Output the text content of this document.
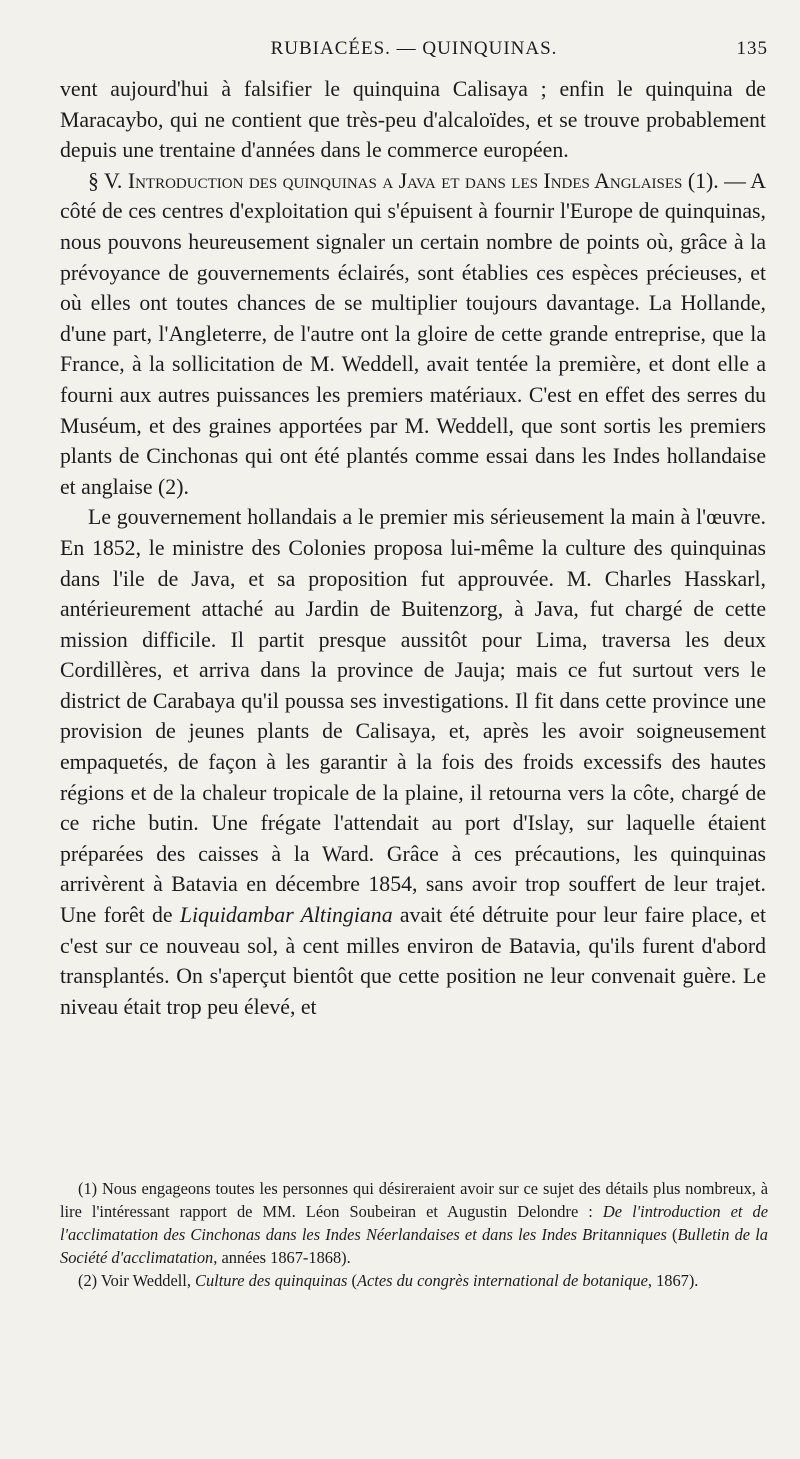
RUBIACÉES. — QUINQUINAS.	135

vent aujourd'hui à falsifier le quinquina Calisaya ; enfin le quinquina de Maracaybo, qui ne contient que très-peu d'alcaloïdes, et se trouve probablement depuis une trentaine d'années dans le commerce européen.

§ V. Introduction des quinquinas a Java et dans les Indes Anglaises (1). — A côté de ces centres d'exploitation qui s'épuisent à fournir l'Europe de quinquinas, nous pouvons heureusement signaler un certain nombre de points où, grâce à la prévoyance de gouvernements éclairés, sont établies ces espèces précieuses, et où elles ont toutes chances de se multiplier toujours davantage. La Hollande, d'une part, l'Angleterre, de l'autre ont la gloire de cette grande entreprise, que la France, à la sollicitation de M. Weddell, avait tentée la première, et dont elle a fourni aux autres puissances les premiers matériaux. C'est en effet des serres du Muséum, et des graines apportées par M. Weddell, que sont sortis les premiers plants de Cinchonas qui ont été plantés comme essai dans les Indes hollandaise et anglaise (2).

Le gouvernement hollandais a le premier mis sérieusement la main à l'œuvre. En 1852, le ministre des Colonies proposa lui-même la culture des quinquinas dans l'ile de Java, et sa proposition fut approuvée. M. Charles Hasskarl, antérieurement attaché au Jardin de Buitenzorg, à Java, fut chargé de cette mission difficile. Il partit presque aussitôt pour Lima, traversa les deux Cordillères, et arriva dans la province de Jauja; mais ce fut surtout vers le district de Carabaya qu'il poussa ses investigations. Il fit dans cette province une provision de jeunes plants de Calisaya, et, après les avoir soigneusement empaquetés, de façon à les garantir à la fois des froids excessifs des hautes régions et de la chaleur tropicale de la plaine, il retourna vers la côte, chargé de ce riche butin. Une frégate l'attendait au port d'Islay, sur laquelle étaient préparées des caisses à la Ward. Grâce à ces précautions, les quinquinas arrivèrent à Batavia en décembre 1854, sans avoir trop souffert de leur trajet. Une forêt de Liquidambar Altingiana avait été détruite pour leur faire place, et c'est sur ce nouveau sol, à cent milles environ de Batavia, qu'ils furent d'abord transplantés. On s'aperçut bientôt que cette position ne leur convenait guère. Le niveau était trop peu élevé, et

(1) Nous engageons toutes les personnes qui désireraient avoir sur ce sujet des détails plus nombreux, à lire l'intéressant rapport de MM. Léon Soubeiran et Augustin Delondre : De l'introduction et de l'acclimatation des Cinchonas dans les Indes Néerlandaises et dans les Indes Britanniques (Bulletin de la Société d'acclimatation, années 1867-1868).

(2) Voir Weddell, Culture des quinquinas (Actes du congrès international de botanique, 1867).
